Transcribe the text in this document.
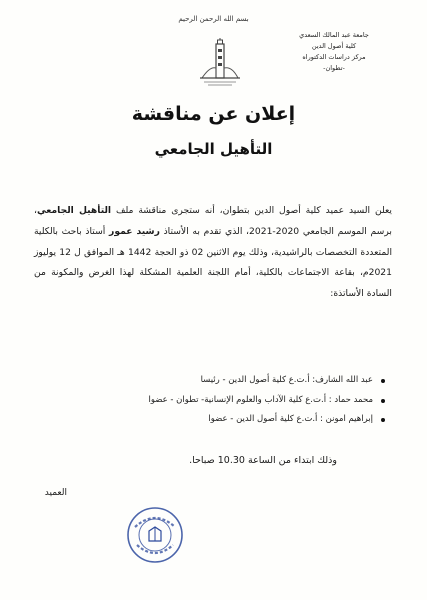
بسم الله الرحمن الرحيم
جامعة عبد المالك السعدي
كلية أصول الدين
مركز دراسات الدكتوراه
-تطوان-
إعلان عن مناقشة
التأهيل الجامعي
يعلن السيد عميد كلية أصول الدين بتطوان، أنه ستجرى مناقشة ملف التأهيل الجامعي، برسم الموسم الجامعي 2020-2021، الذي تقدم به الأستاذ رشيد عمور أستاذ باحث بالكلية المتعددة التخصصات بالراشيدية، وذلك يوم الاثنين 02 ذو الحجة 1442 هـ الموافق ل 12 يوليوز 2021م، بقاعة الاجتماعات بالكلية، أمام اللجنة العلمية المشكلة لهذا الغرض والمكونة من السادة الأساتذة:
عبد الله الشارف: أ.ت.ع كلية أصول الدين - رئيسا
محمد حماد : أ.ت.ع كلية الآداب والعلوم الإنسانية- تطوان - عضوا
إبراهيم امونن : أ.ت.ع كلية أصول الدين - عضوا
وذلك ابتداء من الساعة 10.30 صباحا.
العميد
